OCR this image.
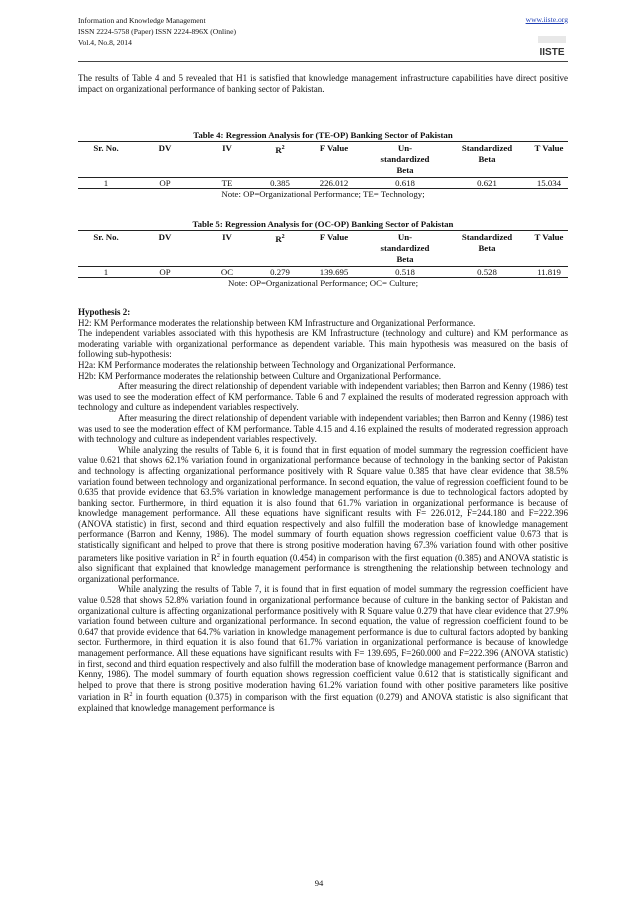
Information and Knowledge Management
ISSN 2224-5758 (Paper) ISSN 2224-896X (Online)
Vol.4, No.8, 2014
www.iiste.org
IISTE

The results of Table 4 and 5 revealed that H1 is satisfied that knowledge management infrastructure capabilities have direct positive impact on organizational performance of banking sector of Pakistan.

Table 4: Regression Analysis for (TE-OP) Banking Sector of Pakistan
Sr. No.	DV	IV	$R^2$	F Value	Un-
standardized
Beta	Standardized
Beta	T Value
1	OP	TE	0.385	226.012	0.618	0.621	15.034
Note: OP=Organizational Performance; TE= Technology;
Table 5: Regression Analysis for (OC-OP) Banking Sector of Pakistan
Sr. No.	DV	IV	$R^2$	F Value	Un-
standardized
Beta	Standardized
Beta	T Value
1	OP	OC	0.279	139.695	0.518	0.528	11.819
Note: OP=Organizational Performance; OC= Culture;

Hypothesis 2:

H2: KM Performance moderates the relationship between KM Infrastructure and Organizational Performance.

The independent variables associated with this hypothesis are KM Infrastructure (technology and culture) and KM performance as moderating variable with organizational performance as dependent variable. This main hypothesis was measured on the basis of following sub-hypothesis:

H2a: KM Performance moderates the relationship between Technology and Organizational Performance.

H2b: KM Performance moderates the relationship between Culture and Organizational Performance.

After measuring the direct relationship of dependent variable with independent variables; then Barron and Kenny (1986) test was used to see the moderation effect of KM performance. Table 6 and 7 explained the results of moderated regression approach with technology and culture as independent variables respectively.

After measuring the direct relationship of dependent variable with independent variables; then Barron and Kenny (1986) test was used to see the moderation effect of KM performance. Table 4.15 and 4.16 explained the results of moderated regression approach with technology and culture as independent variables respectively.

While analyzing the results of Table 6, it is found that in first equation of model summary the regression coefficient have value 0.621 that shows 62.1% variation found in organizational performance because of technology in the banking sector of Pakistan and technology is affecting organizational performance positively with R Square value 0.385 that have clear evidence that 38.5% variation found between technology and organizational performance. In second equation, the value of regression coefficient found to be 0.635 that provide evidence that 63.5% variation in knowledge management performance is due to technological factors adopted by banking sector. Furthermore, in third equation it is also found that 61.7% variation in organizational performance is because of knowledge management performance. All these equations have significant results with F= 226.012, F=244.180 and F=222.396 (ANOVA statistic) in first, second and third equation respectively and also fulfill the moderation base of knowledge management performance (Barron and Kenny, 1986). The model summary of fourth equation shows regression coefficient value 0.673 that is statistically significant and helped to prove that there is strong positive moderation having 67.3% variation found with other positive parameters like positive variation in $R^2$ in fourth equation (0.454) in comparison with the first equation (0.385) and ANOVA statistic is also significant that explained that knowledge management performance is strengthening the relationship between technology and organizational performance.

While analyzing the results of Table 7, it is found that in first equation of model summary the regression coefficient have value 0.528 that shows 52.8% variation found in organizational performance because of culture in the banking sector of Pakistan and organizational culture is affecting organizational performance positively with R Square value 0.279 that have clear evidence that 27.9% variation found between culture and organizational performance. In second equation, the value of regression coefficient found to be 0.647 that provide evidence that 64.7% variation in knowledge management performance is due to cultural factors adopted by banking sector. Furthermore, in third equation it is also found that 61.7% variation in organizational performance is because of knowledge management performance. All these equations have significant results with F= 139.695, F=260.000 and F=222.396 (ANOVA statistic) in first, second and third equation respectively and also fulfill the moderation base of knowledge management performance (Barron and Kenny, 1986). The model summary of fourth equation shows regression coefficient value 0.612 that is statistically significant and helped to prove that there is strong positive moderation having 61.2% variation found with other positive parameters like positive variation in $R^2$ in fourth equation (0.375) in comparison with the first equation (0.279) and ANOVA statistic is also significant that explained that knowledge management performance is

94
